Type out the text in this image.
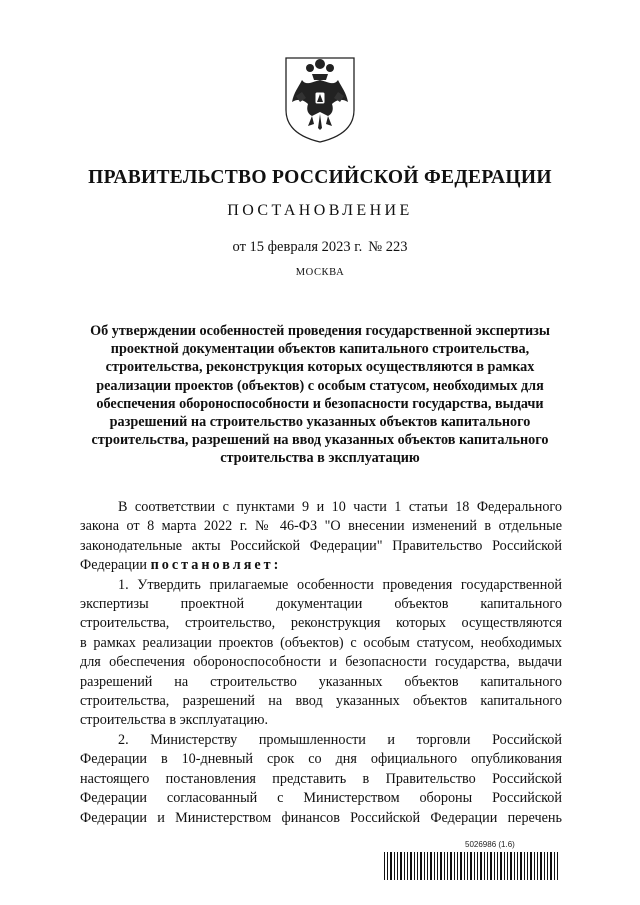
ПРАВИТЕЛЬСТВО РОССИЙСКОЙ ФЕДЕРАЦИИ
ПОСТАНОВЛЕНИЕ
от 15 февраля 2023 г. № 223
МОСКВА

Об утверждении особенностей проведения государственной экспертизы проектной документации объектов капитального строительства, строительства, реконструкция которых осуществляются в рамках реализации проектов (объектов) с особым статусом, необходимых для обеспечения обороноспособности и безопасности государства, выдачи разрешений на строительство указанных объектов капитального строительства, разрешений на ввод указанных объектов капитального строительства в эксплуатацию

В соответствии с пунктами 9 и 10 части 1 статьи 18 Федерального
закона от 8 марта 2022 г. № 46-ФЗ "О внесении изменений в отдельные
законодательные акты Российской Федерации" Правительство Российской
Федерации постановляет:
1. Утвердить прилагаемые особенности проведения государственной
экспертизы проектной документации объектов капитального
строительства, строительство, реконструкция которых осуществляются
в рамках реализации проектов (объектов) с особым статусом, необходимых
для обеспечения обороноспособности и безопасности государства, выдачи
разрешений на строительство указанных объектов капитального
строительства, разрешений на ввод указанных объектов капитального
строительства в эксплуатацию.
2. Министерству промышленности и торговли Российской
Федерации в 10-дневный срок со дня официального опубликования
настоящего постановления представить в Правительство Российской
Федерации согласованный с Министерством обороны Российской
Федерации и Министерством финансов Российской Федерации перечень
5026986 (1.6)
